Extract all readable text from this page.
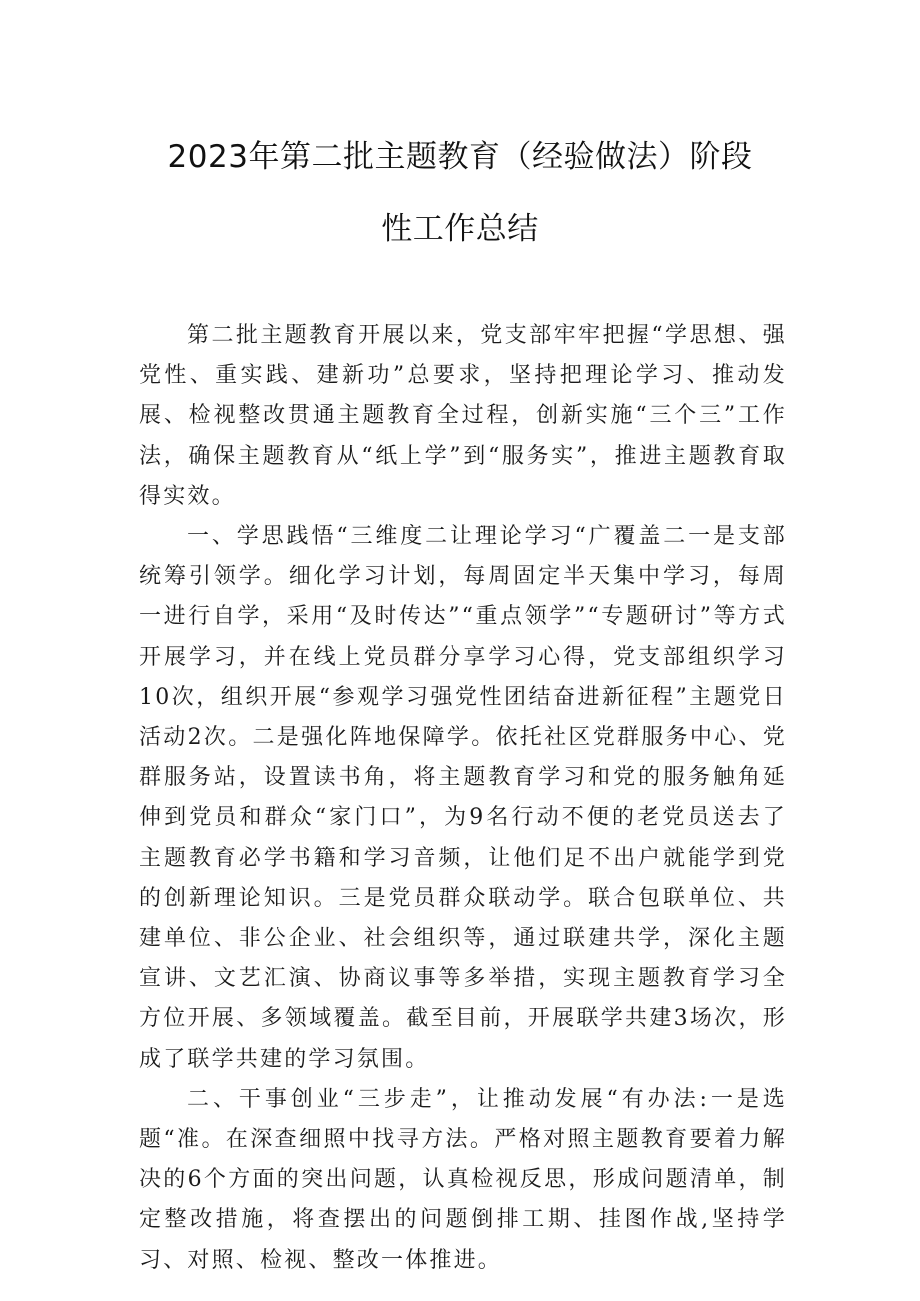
2023年第二批主题教育（经验做法）阶段
性工作总结

第二批主题教育开展以来，党支部牢牢把握“学思想、强党性、重实践、建新功”总要求，坚持把理论学习、推动发展、检视整改贯通主题教育全过程，创新实施“三个三”工作法，确保主题教育从“纸上学”到“服务实”，推进主题教育取得实效。

一、学思践悟“三维度二让理论学习“广覆盖二一是支部统筹引领学。细化学习计划，每周固定半天集中学习，每周一进行自学，采用“及时传达”“重点领学”“专题研讨”等方式开展学习，并在线上党员群分享学习心得，党支部组织学习10次，组织开展“参观学习强党性团结奋进新征程”主题党日活动2次。二是强化阵地保障学。依托社区党群服务中心、党群服务站，设置读书角，将主题教育学习和党的服务触角延伸到党员和群众“家门口”，为9名行动不便的老党员送去了主题教育必学书籍和学习音频，让他们足不出户就能学到党的创新理论知识。三是党员群众联动学。联合包联单位、共建单位、非公企业、社会组织等，通过联建共学，深化主题宣讲、文艺汇演、协商议事等多举措，实现主题教育学习全方位开展、多领域覆盖。截至目前，开展联学共建3场次，形成了联学共建的学习氛围。

二、干事创业“三步走”，让推动发展“有办法:一是选题“准。在深查细照中找寻方法。严格对照主题教育要着力解决的6个方面的突出问题，认真检视反思，形成问题清单，制定整改措施，将查摆出的问题倒排工期、挂图作战,坚持学习、对照、检视、整改一体推进。
